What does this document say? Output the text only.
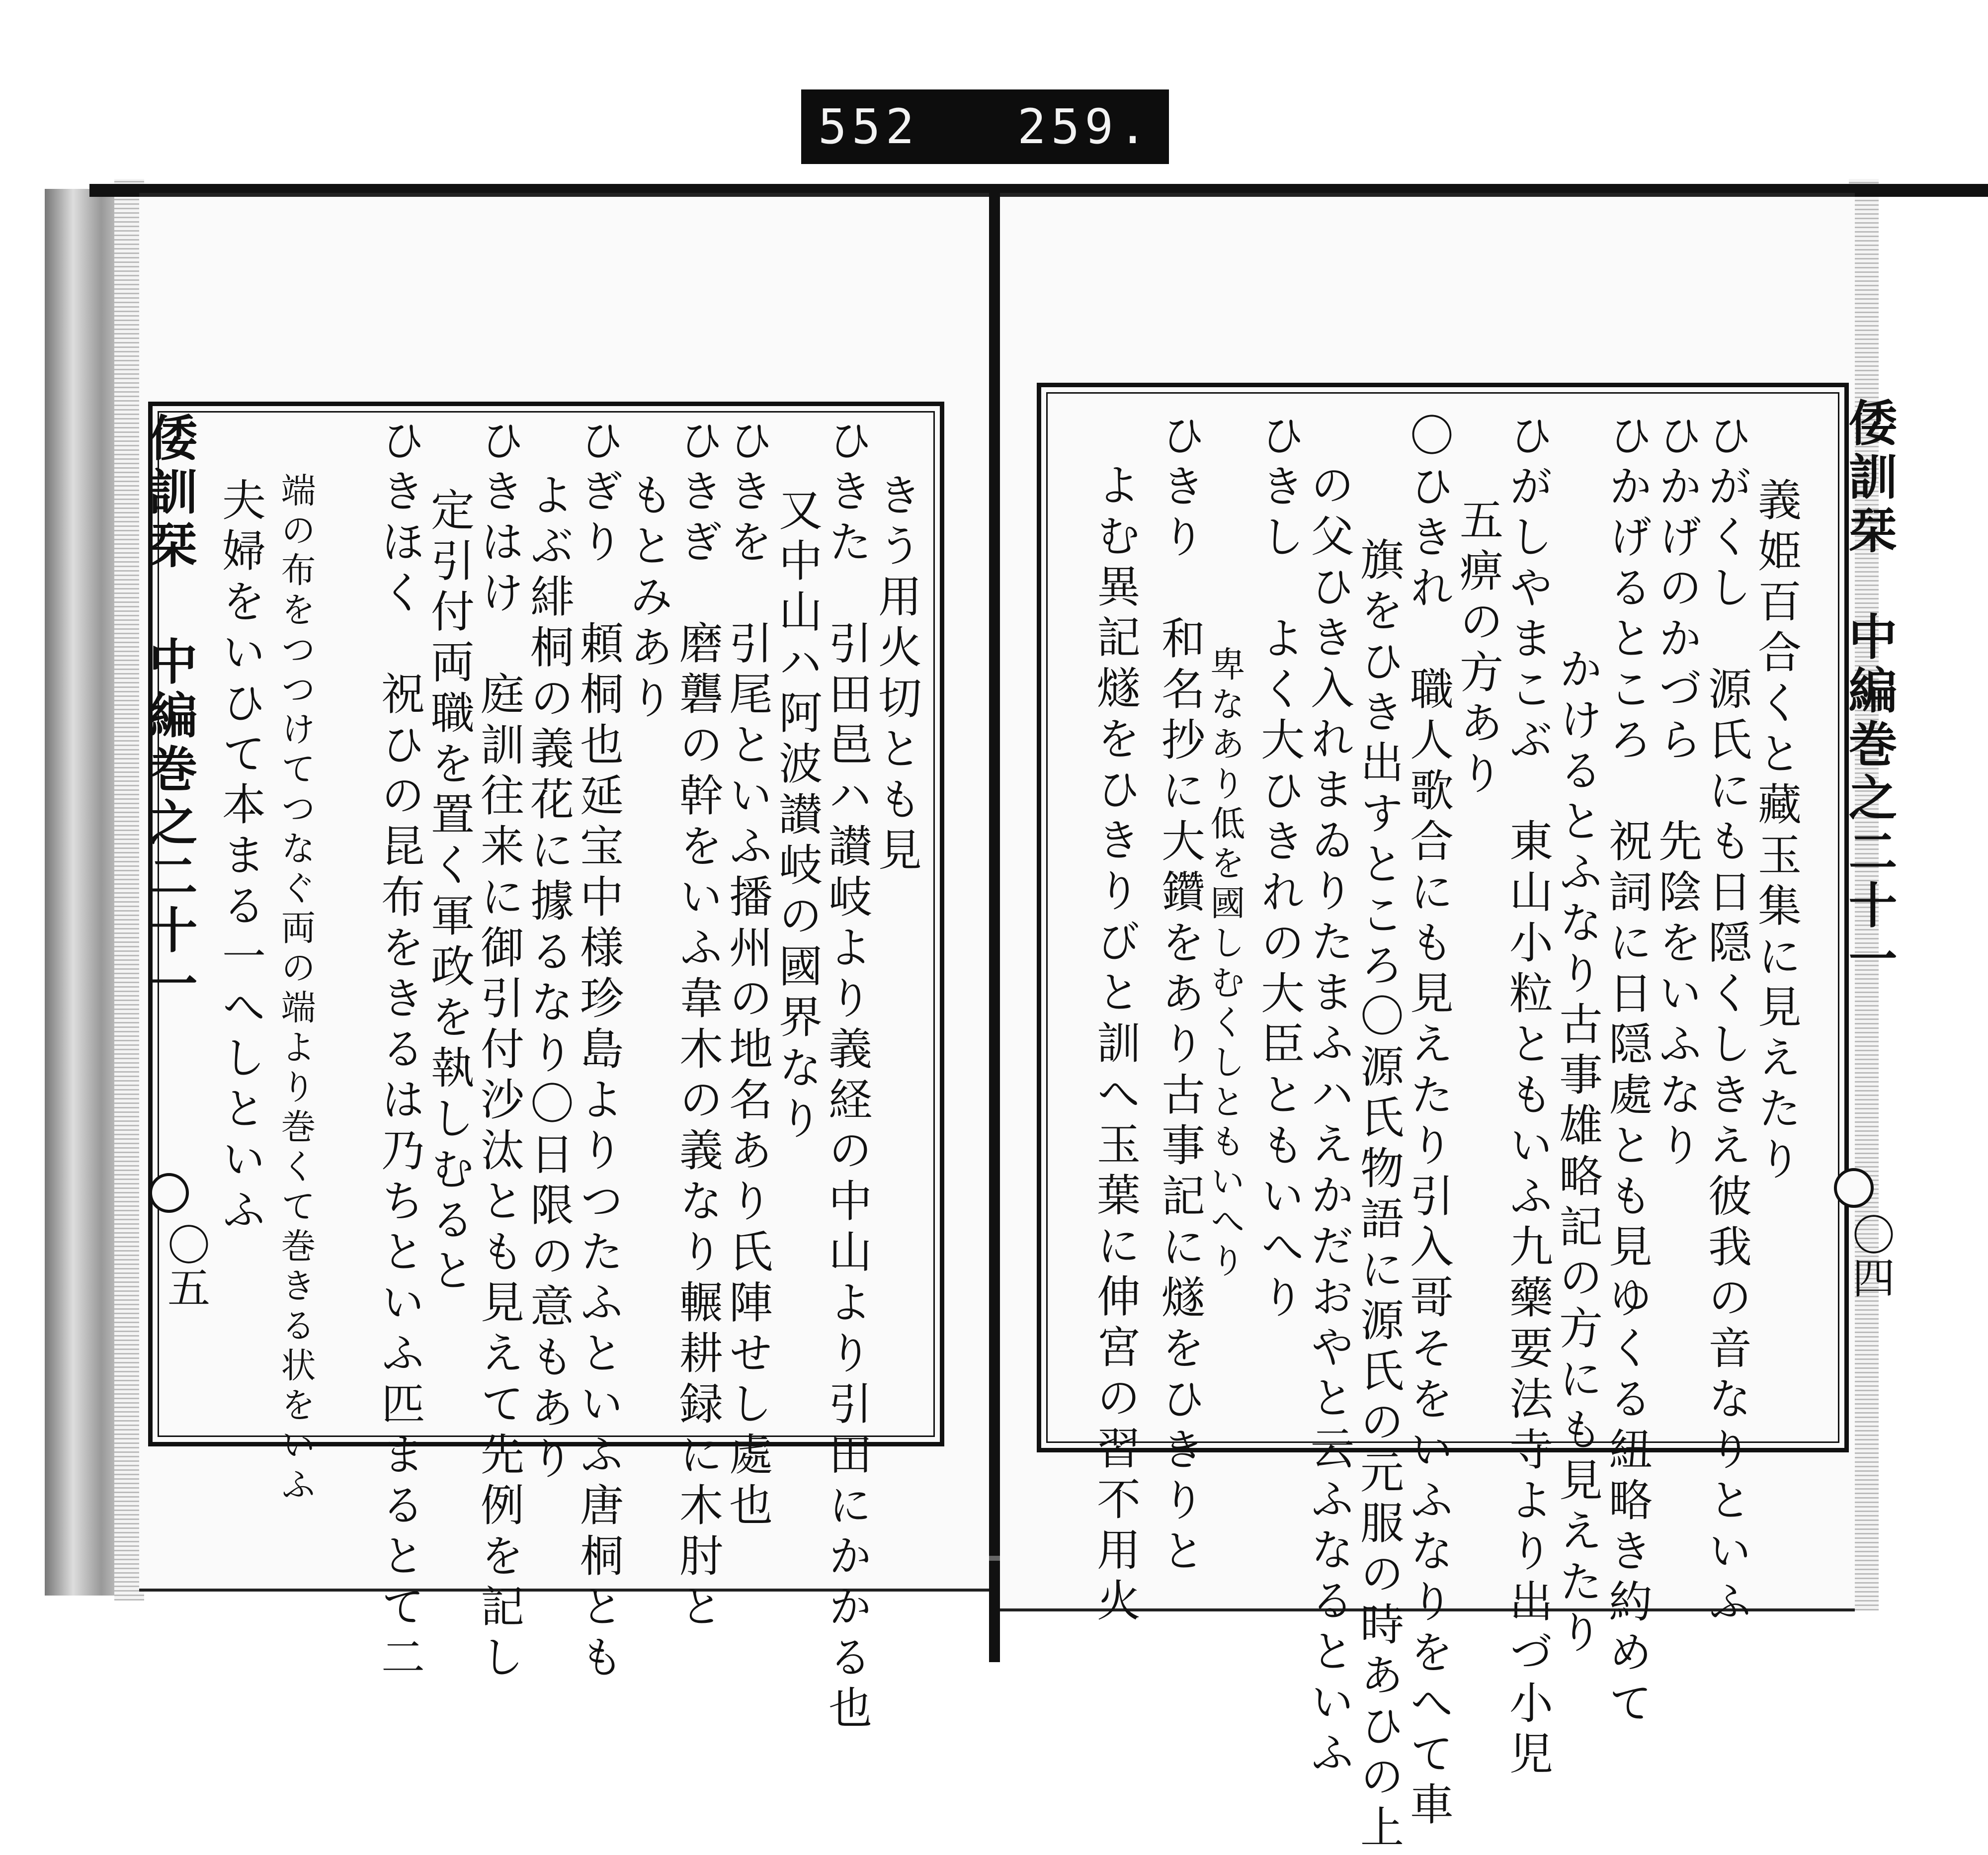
552 259.
倭訓栞
中編巻之二十一
〇五
きう用火切とも見
ひきた　引田邑ハ讃岐より義経の中山より引田にかかる也
又中山ハ阿波讃岐の國界なり
ひきを　引尾といふ播州の地名あり氏陣せし處也
ひきぎ　磨礱の幹をいふ韋木の義なり輾耕録に木肘と
もとみあり
ひぎり　頼桐也延宝中様珍島よりつたふといふ唐桐とも
よぶ緋桐の義花に據るなり〇日限の意もあり
ひきはけ　庭訓往来に御引付沙汰とも見えて先例を記し
定引付両職を置く軍政を執しむると
ひきほく　祝ひの昆布をきるは乃ちといふ匹まるとて二
端の布をつつけてつなぐ両の端より巻くて巻きる状をいふ
夫婦をいひて本まる一へしといふ	倭訓栞
中編巻之二十一
〇四
義姫百合くと藏玉集に見えたり
ひがくし　源氏にも日隠くしきえ彼我の音なりといふ
ひかげのかづら　先陰をいふなり
ひかげるところ　祝詞に日隠處とも見ゆくる紐略き約めて
かけるとふなり古事雄略記の方にも見えたり
ひがしやまこぶ　東山小粒ともいふ九藥要法寺より出づ小児
五痹の方あり
〇ひきれ　職人歌合にも見えたり引入哥そをいふなりをへて車
旗をひき出すところ〇源氏物語に源氏の元服の時あひの上
の父ひき入れまゐりたまふハえかだおやと云ふなるといふ
ひきし　よく大ひきれの大臣ともいへり
卑なあり低を國しむくしともいへり
ひきり　和名抄に大鑽をあり古事記に燧をひきりと
よむ異記燧をひきりびと訓へ玉葉に伸宮の習不用火
